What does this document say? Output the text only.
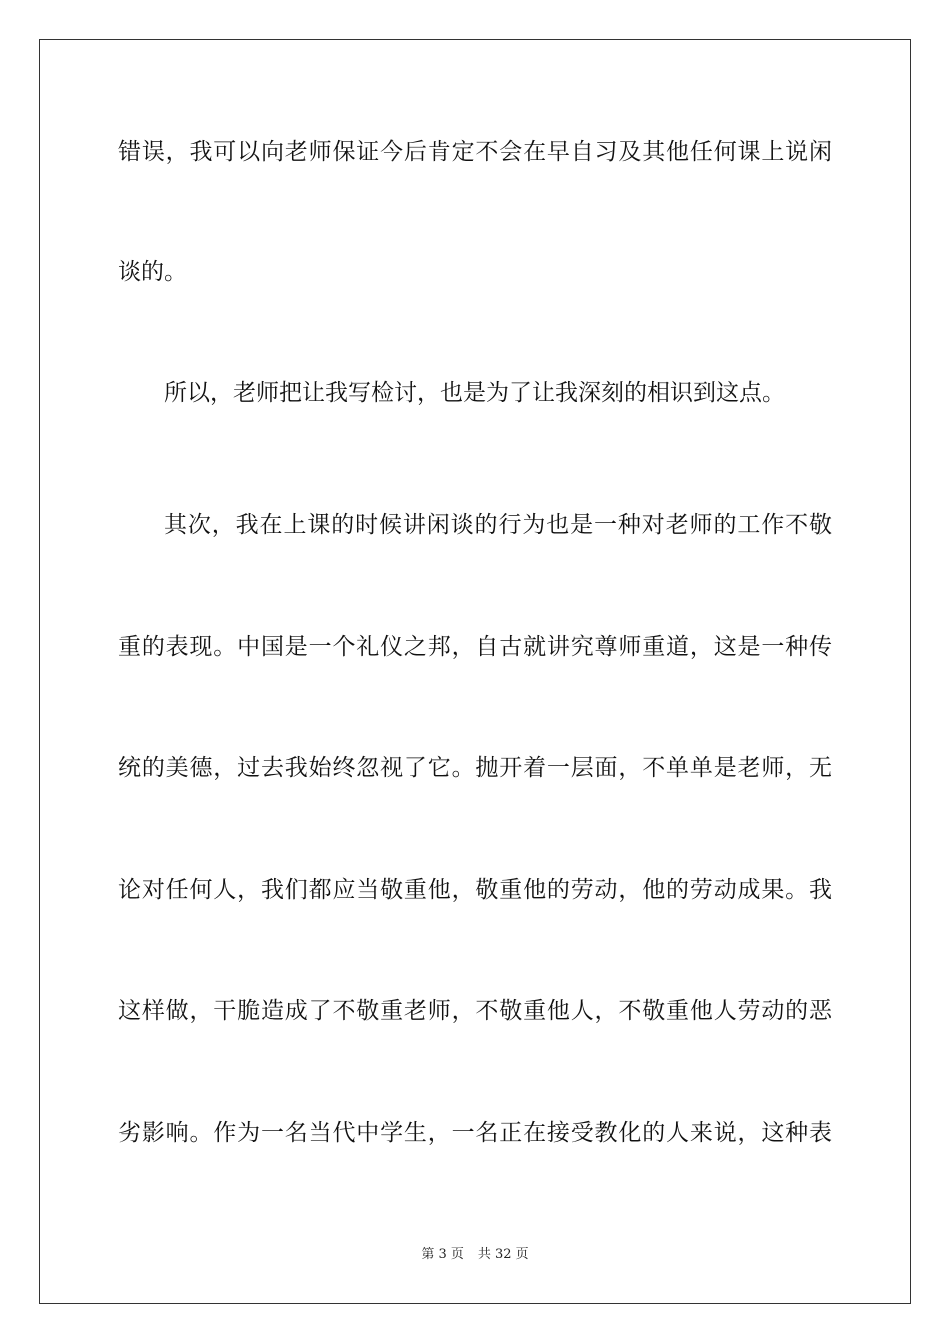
错误，我可以向老师保证今后肯定不会在早自习及其他任何课上说闲
谈的。
所以，老师把让我写检讨，也是为了让我深刻的相识到这点。
其次，我在上课的时候讲闲谈的行为也是一种对老师的工作不敬
重的表现。中国是一个礼仪之邦，自古就讲究尊师重道，这是一种传
统的美德，过去我始终忽视了它。抛开着一层面，不单单是老师，无
论对任何人，我们都应当敬重他，敬重他的劳动，他的劳动成果。我
这样做，干脆造成了不敬重老师，不敬重他人，不敬重他人劳动的恶
劣影响。作为一名当代中学生，一名正在接受教化的人来说，这种表
第 3 页 共 32 页
